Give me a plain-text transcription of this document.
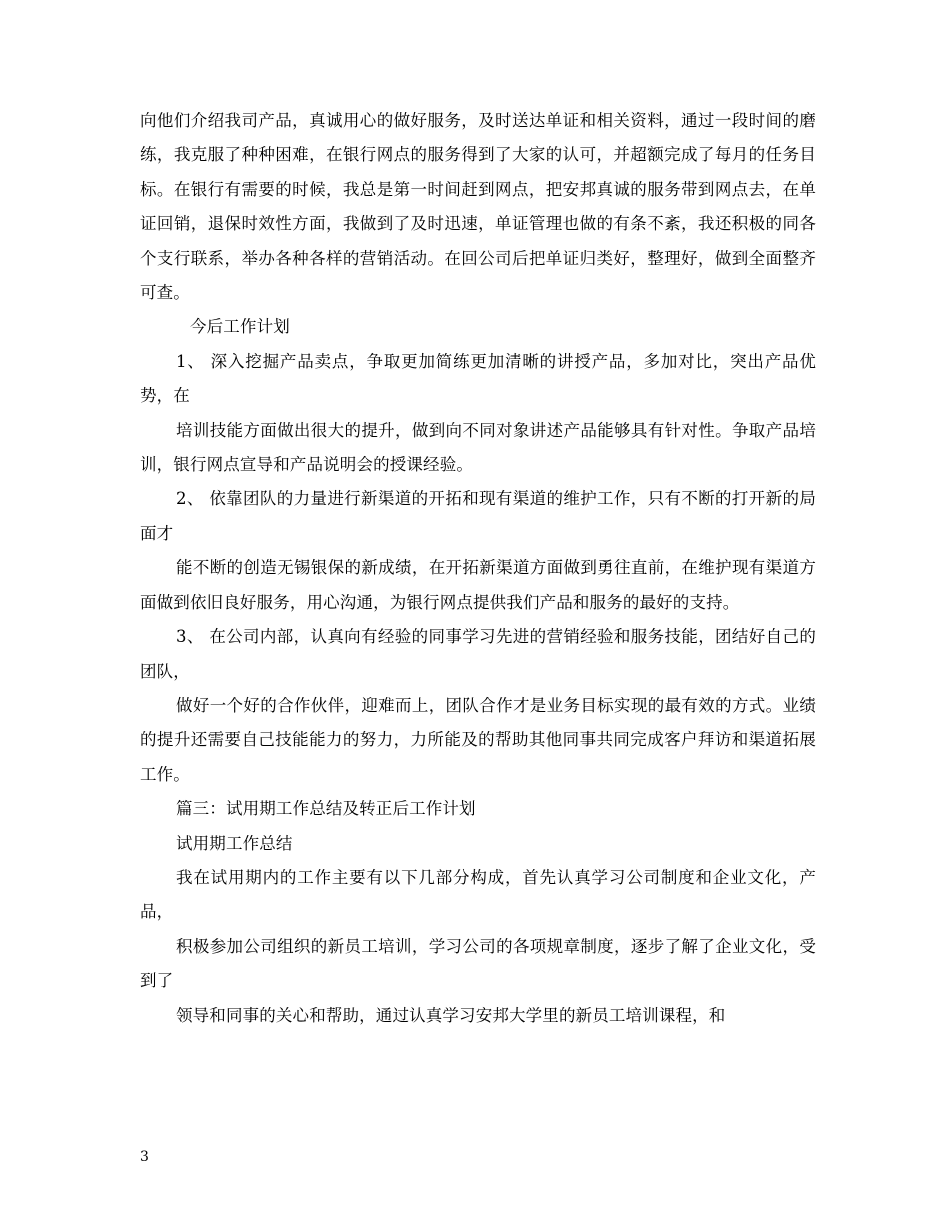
向他们介绍我司产品，真诚用心的做好服务，及时送达单证和相关资料，通过一段时间的磨练，我克服了种种困难，在银行网点的服务得到了大家的认可，并超额完成了每月的任务目标。在银行有需要的时候，我总是第一时间赶到网点，把安邦真诚的服务带到网点去，在单证回销，退保时效性方面，我做到了及时迅速，单证管理也做的有条不紊，我还积极的同各个支行联系，举办各种各样的营销活动。在回公司后把单证归类好，整理好，做到全面整齐可查。

今后工作计划

1、 深入挖掘产品卖点，争取更加简练更加清晰的讲授产品，多加对比，突出产品优势，在

培训技能方面做出很大的提升，做到向不同对象讲述产品能够具有针对性。争取产品培训，银行网点宣导和产品说明会的授课经验。

2、 依靠团队的力量进行新渠道的开拓和现有渠道的维护工作，只有不断的打开新的局面才

能不断的创造无锡银保的新成绩，在开拓新渠道方面做到勇往直前，在维护现有渠道方面做到依旧良好服务，用心沟通，为银行网点提供我们产品和服务的最好的支持。

3、 在公司内部，认真向有经验的同事学习先进的营销经验和服务技能，团结好自己的团队，

做好一个好的合作伙伴，迎难而上，团队合作才是业务目标实现的最有效的方式。业绩的提升还需要自己技能能力的努力，力所能及的帮助其他同事共同完成客户拜访和渠道拓展工作。

篇三：试用期工作总结及转正后工作计划

试用期工作总结

我在试用期内的工作主要有以下几部分构成，首先认真学习公司制度和企业文化，产品，

积极参加公司组织的新员工培训，学习公司的各项规章制度，逐步了解了企业文化，受到了

领导和同事的关心和帮助，通过认真学习安邦大学里的新员工培训课程，和

3
